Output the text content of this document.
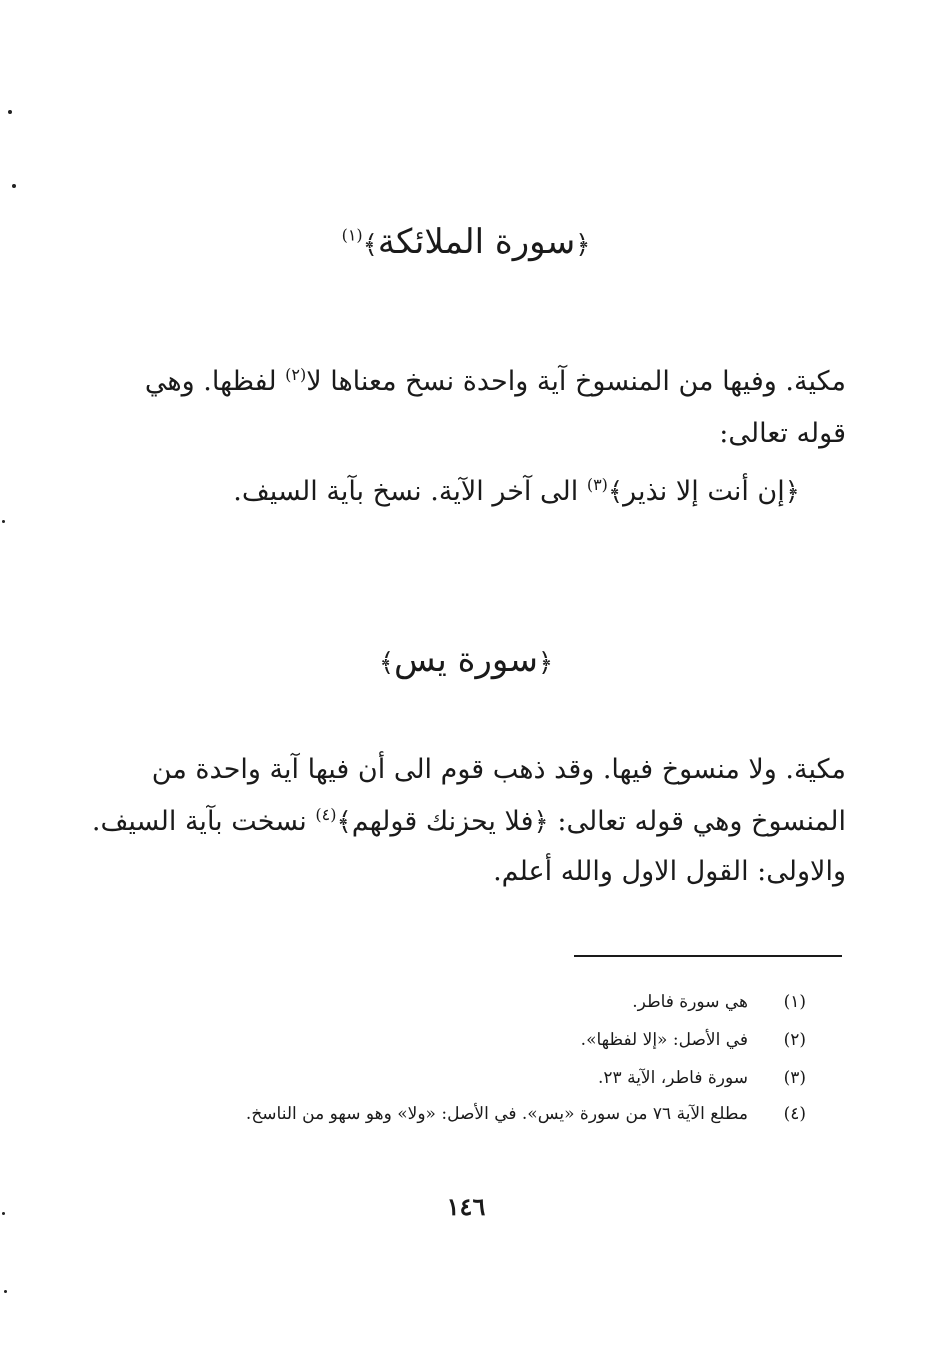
﴿سورة الملائكة﴾$^{(١)}$
مكية. وفيها من المنسوخ آية واحدة نسخ معناها لا$^{(٢)}$ لفظها. وهي
قوله تعالى:
﴿إن أنت إلا نذير﴾$^{(٣)}$ الى آخر الآية. نسخ بآية السيف.
﴿سورة يس﴾
مكية. ولا منسوخ فيها. وقد ذهب قوم الى أن فيها آية واحدة من
المنسوخ وهي قوله تعالى: ﴿فلا يحزنك قولهم﴾$^{(٤)}$ نسخت بآية السيف.
والاولى: القول الاول والله أعلم.
(١)هي سورة فاطر.
(٢)في الأصل: «إلا لفظها».
(٣)سورة فاطر، الآية ٢٣.
(٤)مطلع الآية ٧٦ من سورة «يس». في الأصل: «ولا» وهو سهو من الناسخ.
١٤٦
